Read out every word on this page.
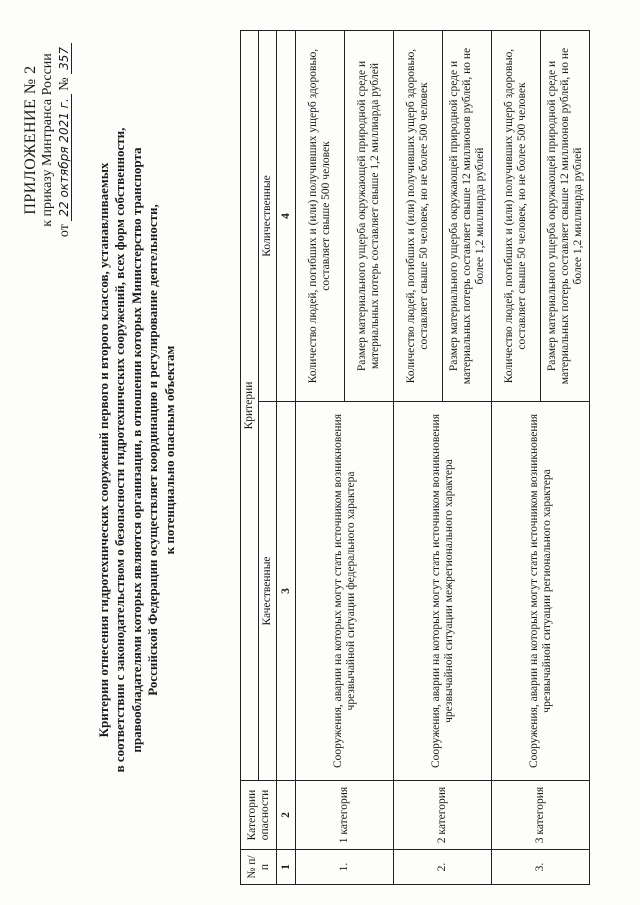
ПРИЛОЖЕНИЕ № 2 к приказу Минтранса России
от 22 октября 2021 г. № 357
Критерии отнесения гидротехнических сооружений первого и второго классов, устанавливаемых в соответствии с законодательством о безопасности гидротехнических сооружений, всех форм собственности, правообладателями которых являются организации, в отношении которых Министерство транспорта Российской Федерации осуществляет координацию и регулирование деятельности, к потенциально опасным объектам
№ п/п	Категории опасности	Критерии	
		Качественные	Количественные
1	2	3	4
1.	1 категория	Сооружения, аварии на которых могут стать источником возникновения чрезвычайной ситуации федерального характера	Количество людей, погибших и (или) получивших ущерб здоровью, составляет свыше 500 человек
			Размер материального ущерба окружающей природной среде и материальных потерь составляет свыше 1,2 миллиарда рублей
2.	2 категория	Сооружения, аварии на которых могут стать источником возникновения чрезвычайной ситуации межрегионального характера	Количество людей, погибших и (или) получивших ущерб здоровью, составляет свыше 50 человек, но не более 500 человек
			Размер материального ущерба окружающей природной среде и материальных потерь составляет свыше 12 миллионов рублей, но не более 1,2 миллиарда рублей
3.	3 категория	Сооружения, аварии на которых могут стать источником возникновения чрезвычайной ситуации регионального характера	Количество людей, погибших и (или) получивших ущерб здоровью, составляет свыше 50 человек, но не более 500 человек
			Размер материального ущерба окружающей природной среде и материальных потерь составляет свыше 12 миллионов рублей, но не более 1,2 миллиарда рублей
